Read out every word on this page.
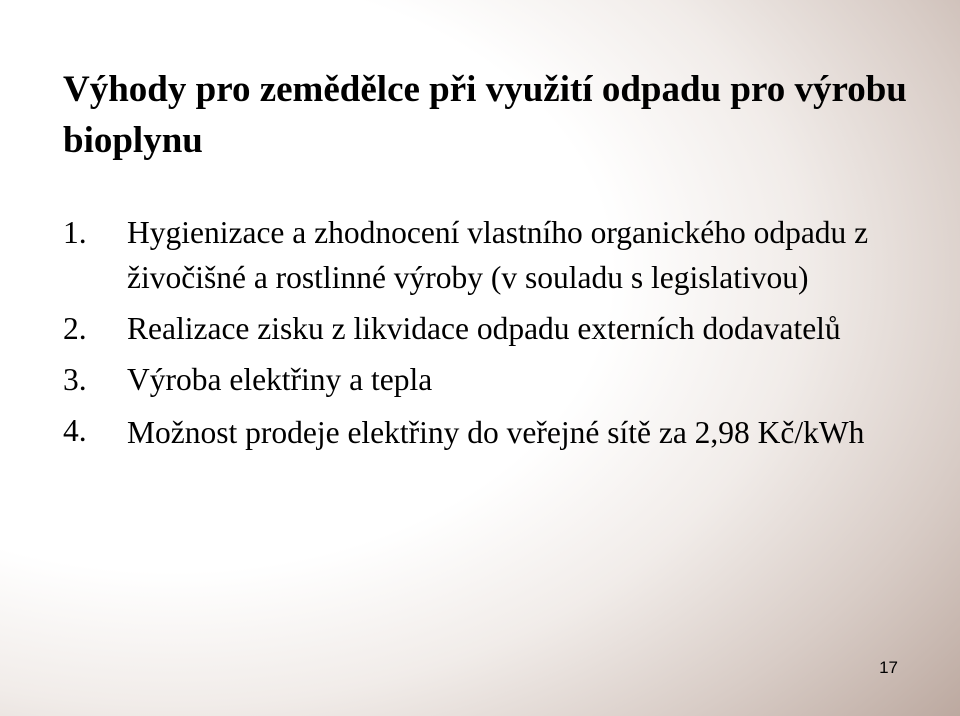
Výhody pro zemědělce při využití odpadu pro výrobu bioplynu
1. Hygienizace a zhodnocení vlastního organického odpadu z živočišné a rostlinné výroby (v souladu s legislativou)
2. Realizace zisku z likvidace odpadu externích dodavatelů
3. Výroba elektřiny a tepla
4. Možnost prodeje elektřiny do veřejné sítě za 2,98 Kč/kWh
17
